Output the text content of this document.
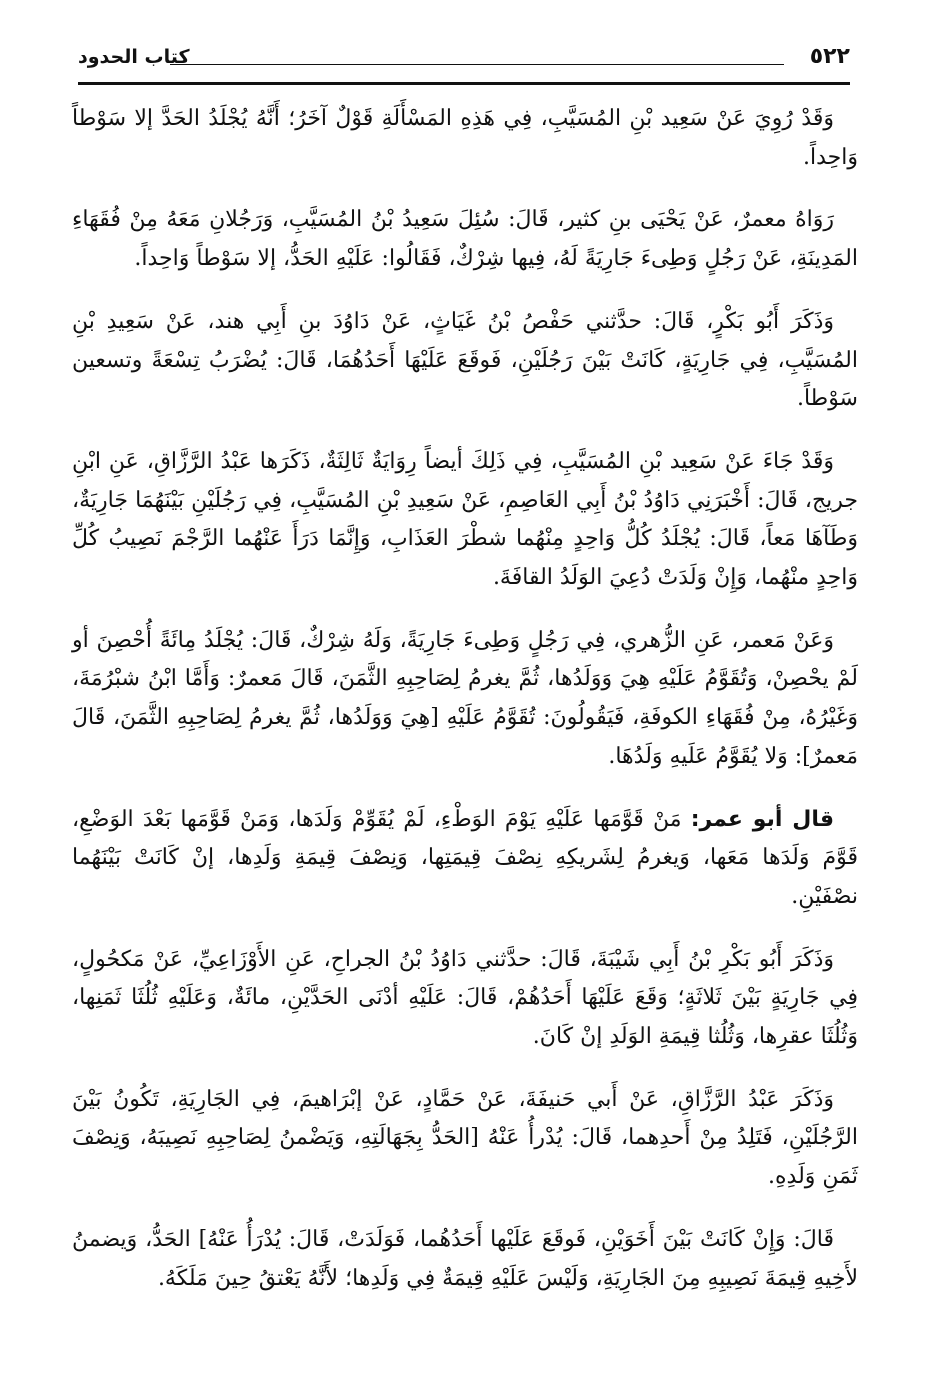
٥٢٢
كتاب الحدود

وَقَدْ رُوِيَ عَنْ سَعِيد بْنِ المُسَيَّبِ، فِي هَذِهِ المَسْأَلَةِ قَوْلٌ آخَرُ؛ أَنَّهُ يُجْلَدُ الحَدَّ إلا سَوْطاً وَاحِداً.

رَوَاهُ معمرٌ، عَنْ يَحْيَى بنِ كثير، قَالَ: سُئِلَ سَعِيدُ بْنُ المُسَيَّبِ، وَرَجُلانِ مَعَهُ مِنْ فُقَهَاءِ المَدِينَةِ، عَنْ رَجُلٍ وَطِىءَ جَارِيَةً لَهُ، فِيها شِرْكٌ، فَقَالُوا: عَلَيْهِ الحَدُّ، إلا سَوْطاً وَاحِداً.

وَذَكَرَ أَبُو بَكْرٍ، قَالَ: حدَّثني حَفْصُ بْنُ غَيَاثٍ، عَنْ دَاوُدَ بنِ أَبِي هند، عَنْ سَعِيدِ بْنِ المُسَيَّبِ، فِي جَارِيَةٍ، كَانَتْ بَيْنَ رَجُلَيْنِ، فَوقَعَ عَلَيْهَا أَحَدُهُمَا، قَالَ: يُضْرَبُ تِسْعَةً وتسعين سَوْطاً.

وَقَدْ جَاءَ عَنْ سَعِيد بْنِ المُسَيَّبِ، فِي ذَلِكَ أيضاً رِوَايَةٌ ثَالِثَةٌ، ذَكَرَها عَبْدُ الرَّزَّاقِ، عَنِ ابْنِ جريج، قَالَ: أَخْبَرَنِي دَاوُدُ بْنُ أَبِي العَاصِمِ، عَنْ سَعِيدِ بْنِ المُسَيَّبِ، فِي رَجُلَيْنِ بَيْنَهُمَا جَارِيَةٌ، وَطَآهَا مَعاً، قَالَ: يُجْلَدُ كُلُّ وَاحِدٍ مِنْهُما شطْرَ العَذَابِ، وَإِنَّمَا دَرَأَ عَنْهُما الرَّجْمَ نَصِيبُ كُلِّ وَاحِدٍ منْهُما، وَإِنْ وَلَدَتْ دُعِيَ الوَلَدُ القافَةَ.

وَعَنْ مَعمر، عَنِ الزُّهري، فِي رَجُلٍ وَطِىءَ جَارِيَةً، وَلَهُ شِرْكٌ، قَالَ: يُجْلَدُ مِائَةً أُحْصِنَ أو لَمْ يحْصِنْ، وَتُقَوَّمُ عَلَيْهِ هِيَ وَوَلَدُها، ثُمَّ يغرمُ لِصَاحِبِهِ الثَّمَنَ، قَالَ مَعمرٌ: وَأَمَّا ابْنُ شبْرُمَةَ، وَغَيْرُهُ، مِنْ فُقَهَاءِ الكوفَةِ، فَيَقُولُونَ: تُقَوَّمُ عَلَيْهِ [هِيَ وَوَلَدُها، ثُمَّ يغرمُ لِصَاحِبِهِ الثَّمَنَ، قَالَ مَعمرٌ]: وَلا يُقَوَّمُ عَلَيهِ وَلَدُهَا.

قال أبو عمر: مَنْ قَوَّمَها عَلَيْهِ يَوْمَ الوَطْءِ، لَمْ يُقَوِّمْ وَلَدَها، وَمَنْ قَوَّمَها بَعْدَ الوَضْعِ، قَوَّمَ وَلَدَها مَعَها، وَيغرمُ لِشَريكِهِ نِصْفَ قِيمَتِها، وَنِصْفَ قِيمَةِ وَلَدِها، إنْ كَانَتْ بَيْنَهُما نصْفَيْنِ.

وَذَكَرَ أَبُو بَكْرِ بْنُ أَبِي شَيْبَةَ، قَالَ: حدَّثني دَاوُدُ بْنُ الجراحِ، عَنِ الأَوْزَاعِيِّ، عَنْ مَكحُولٍ، فِي جَارِيَةٍ بَيْنَ ثَلاثَةٍ؛ وَقَعَ عَلَيْهَا أَحَدُهُمْ، قَالَ: عَلَيْهِ أدْنَى الحَدَّيْنِ، مائَةٌ، وَعَلَيْهِ ثُلُثَا ثَمَنِها، وَثُلُثَا عقرِها، وَثُلُثا قِيمَةِ الوَلَدِ إنْ كَانَ.

وَذَكَرَ عَبْدُ الرَّزَّاقِ، عَنْ أَبي حَنيفَةَ، عَنْ حَمَّادٍ، عَنْ إبْرَاهيمَ، فِي الجَارِيَةِ، تَكُونُ بَيْنَ الرَّجُلَيْنِ، فَتَلِدُ مِنْ أَحدِهما، قَالَ: يُدْرأُ عَنْهُ [الحَدُّ بِجَهَالَتِهِ، وَيَضْمنُ لِصَاحِبِهِ نَصِيبَهُ، وَنِصْفَ ثَمَنِ وَلَدِهِ.

قَالَ: وَإِنْ كَانَتْ بَيْنَ أَخَوَيْنِ، فَوقَعَ عَلَيْها أَحَدُهُما، فَوَلَدَتْ، قَالَ: يُدْرَأُ عَنْهُ] الحَدُّ، وَيضمنُ لأَخِيهِ قِيمَةَ نَصِيبِهِ مِنَ الجَارِيَةِ، وَلَيْسَ عَلَيْهِ قِيمَةٌ فِي وَلَدِها؛ لأَنَّهُ يَعْتقُ حِينَ مَلَكَهُ.
